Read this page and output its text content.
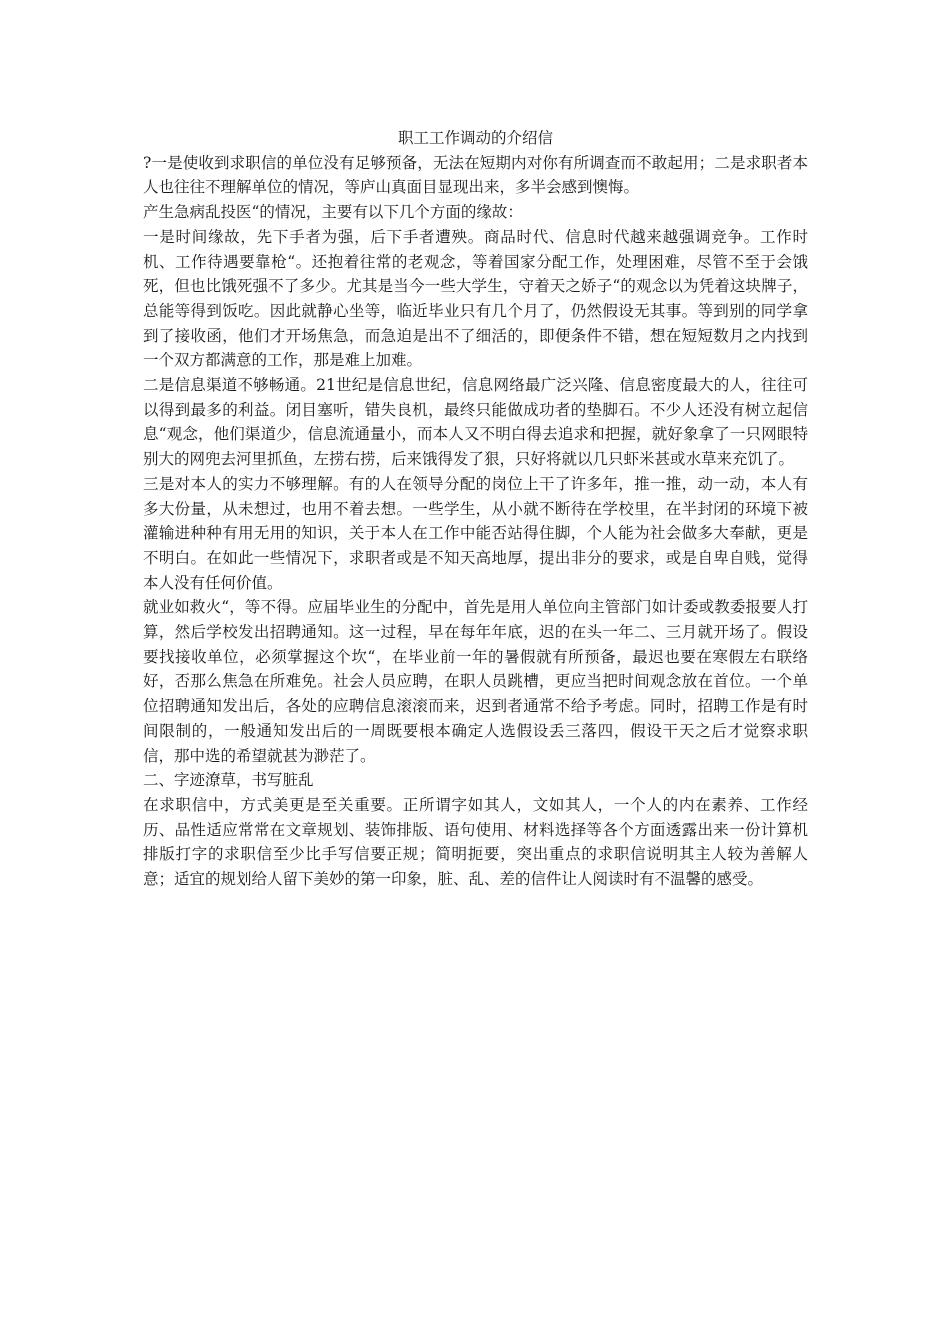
职工工作调动的介绍信

?一是使收到求职信的单位没有足够预备，无法在短期内对你有所调查而不敢起用；二是求职者本人也往往不理解单位的情况，等庐山真面目显现出来，多半会感到懊悔。

产生急病乱投医“的情况，主要有以下几个方面的缘故：

一是时间缘故，先下手者为强，后下手者遭殃。商品时代、信息时代越来越强调竞争。工作时机、工作待遇要靠枪“。还抱着往常的老观念，等着国家分配工作，处理困难，尽管不至于会饿死，但也比饿死强不了多少。尤其是当今一些大学生，守着天之娇子“的观念以为凭着这块牌子，总能等得到饭吃。因此就静心坐等，临近毕业只有几个月了，仍然假设无其事。等到别的同学拿到了接收函，他们才开场焦急，而急迫是出不了细活的，即便条件不错，想在短短数月之内找到一个双方都满意的工作，那是难上加难。

二是信息渠道不够畅通。21世纪是信息世纪，信息网络最广泛兴隆、信息密度最大的人，往往可以得到最多的利益。闭目塞听，错失良机，最终只能做成功者的垫脚石。不少人还没有树立起信息“观念，他们渠道少，信息流通量小，而本人又不明白得去追求和把握，就好象拿了一只网眼特别大的网兜去河里抓鱼，左捞右捞，后来饿得发了狠，只好将就以几只虾米甚或水草来充饥了。

三是对本人的实力不够理解。有的人在领导分配的岗位上干了许多年，推一推，动一动，本人有多大份量，从未想过，也用不着去想。一些学生，从小就不断待在学校里，在半封闭的环境下被灌输进种种有用无用的知识，关于本人在工作中能否站得住脚，个人能为社会做多大奉献，更是不明白。在如此一些情况下，求职者或是不知天高地厚，提出非分的要求，或是自卑自贱，觉得本人没有任何价值。

就业如救火“，等不得。应届毕业生的分配中，首先是用人单位向主管部门如计委或教委报要人打算，然后学校发出招聘通知。这一过程，早在每年年底，迟的在头一年二、三月就开场了。假设要找接收单位，必须掌握这个坎“，在毕业前一年的暑假就有所预备，最迟也要在寒假左右联络好，否那么焦急在所难免。社会人员应聘，在职人员跳槽，更应当把时间观念放在首位。一个单位招聘通知发出后，各处的应聘信息滚滚而来，迟到者通常不给予考虑。同时，招聘工作是有时间限制的，一般通知发出后的一周既要根本确定人选假设丢三落四，假设干天之后才觉察求职信，那中选的希望就甚为渺茫了。

二、字迹潦草，书写脏乱

在求职信中，方式美更是至关重要。正所谓字如其人，文如其人，一个人的内在素养、工作经历、品性适应常常在文章规划、装饰排版、语句使用、材料选择等各个方面透露出来一份计算机排版打字的求职信至少比手写信要正规；简明扼要，突出重点的求职信说明其主人较为善解人意；适宜的规划给人留下美妙的第一印象，脏、乱、差的信件让人阅读时有不温馨的感受。
